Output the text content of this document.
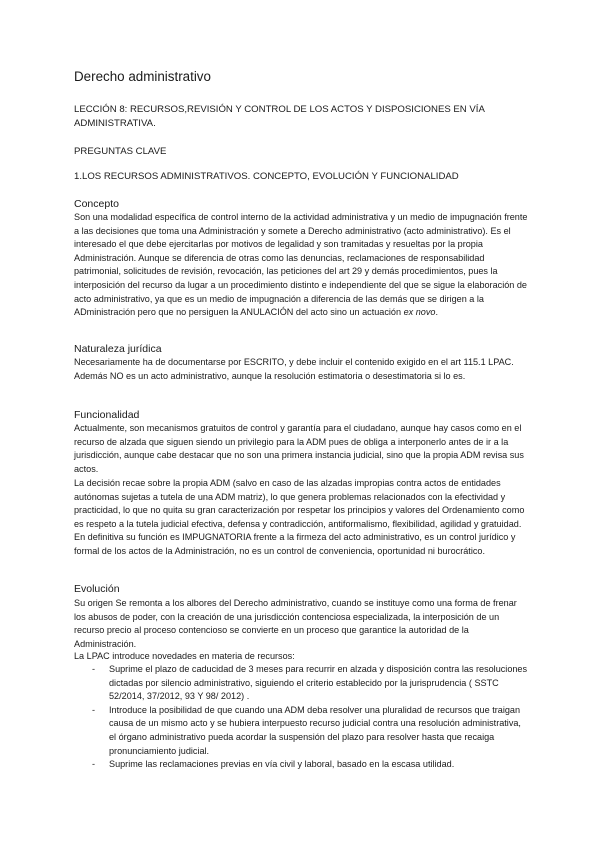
Derecho administrativo
LECCIÓN 8: RECURSOS,REVISIÓN Y CONTROL DE LOS ACTOS Y DISPOSICIONES EN VÍA ADMINISTRATIVA.
PREGUNTAS CLAVE
1.LOS RECURSOS ADMINISTRATIVOS. CONCEPTO, EVOLUCIÓN Y FUNCIONALIDAD
Concepto
Son una modalidad específica de control interno de la actividad administrativa y un medio de impugnación frente a las decisiones que toma una Administración y somete a Derecho administrativo (acto administrativo). Es el interesado el que debe ejercitarlas por motivos de legalidad y son tramitadas y resueltas por la propia Administración. Aunque se diferencia de otras como las denuncias, reclamaciones de responsabilidad patrimonial, solicitudes de revisión, revocación, las peticiones del art 29 y demás procedimientos, pues la interposición del recurso da lugar a un procedimiento distinto e independiente del que se sigue la elaboración de acto administrativo, ya que es un medio de impugnación a diferencia de las demás que se dirigen a la ADministración pero que no persiguen la ANULACIÓN del acto sino un actuación ex novo.
Naturaleza jurídica
Necesariamente ha de documentarse por ESCRITO, y debe incluir el contenido exigido en el art 115.1 LPAC. Además NO es un acto administrativo, aunque la resolución estimatoria o desestimatoria si lo es.
Funcionalidad
Actualmente, son mecanismos gratuitos de control y garantía para el ciudadano, aunque hay casos como en el recurso de alzada que siguen siendo un privilegio para la ADM pues de obliga a interponerlo antes de ir a la jurisdicción, aunque cabe destacar que no son una primera instancia judicial, sino que la propia ADM revisa sus actos.
La decisión recae sobre la propia ADM (salvo en caso de las alzadas impropias contra actos de entidades autónomas sujetas a tutela de una ADM matriz), lo que genera problemas relacionados con la efectividad y practicidad, lo que no quita su gran caracterización por respetar los principios y valores del Ordenamiento como es respeto a la tutela judicial efectiva, defensa y contradicción, antiformalismo, flexibilidad, agilidad y gratuidad. En definitiva su función es IMPUGNATORIA frente a la firmeza del acto administrativo, es un control jurídico y formal de los actos de la Administración, no es un control de conveniencia, oportunidad ni burocrático.
Evolución
Su origen Se remonta a los albores del Derecho administrativo, cuando se instituye como una forma de frenar los abusos de poder, con la creación de una jurisdicción contenciosa especializada, la interposición de un recurso precio al proceso contencioso se convierte en un proceso que garantice la autoridad de la Administración.
La LPAC introduce novedades en materia de recursos:
- Suprime el plazo de caducidad de 3 meses para recurrir en alzada y disposición contra las resoluciones dictadas por silencio administrativo, siguiendo el criterio establecido por la jurisprudencia ( SSTC 52/2014, 37/2012, 93 Y 98/ 2012) .
- Introduce la posibilidad de que cuando una ADM deba resolver una pluralidad de recursos que traigan causa de un mismo acto y se hubiera interpuesto recurso judicial contra una resolución administrativa, el órgano administrativo pueda acordar la suspensión del plazo para resolver hasta que recaiga pronunciamiento judicial.
- Suprime las reclamaciones previas en vía civil y laboral, basado en la escasa utilidad.
